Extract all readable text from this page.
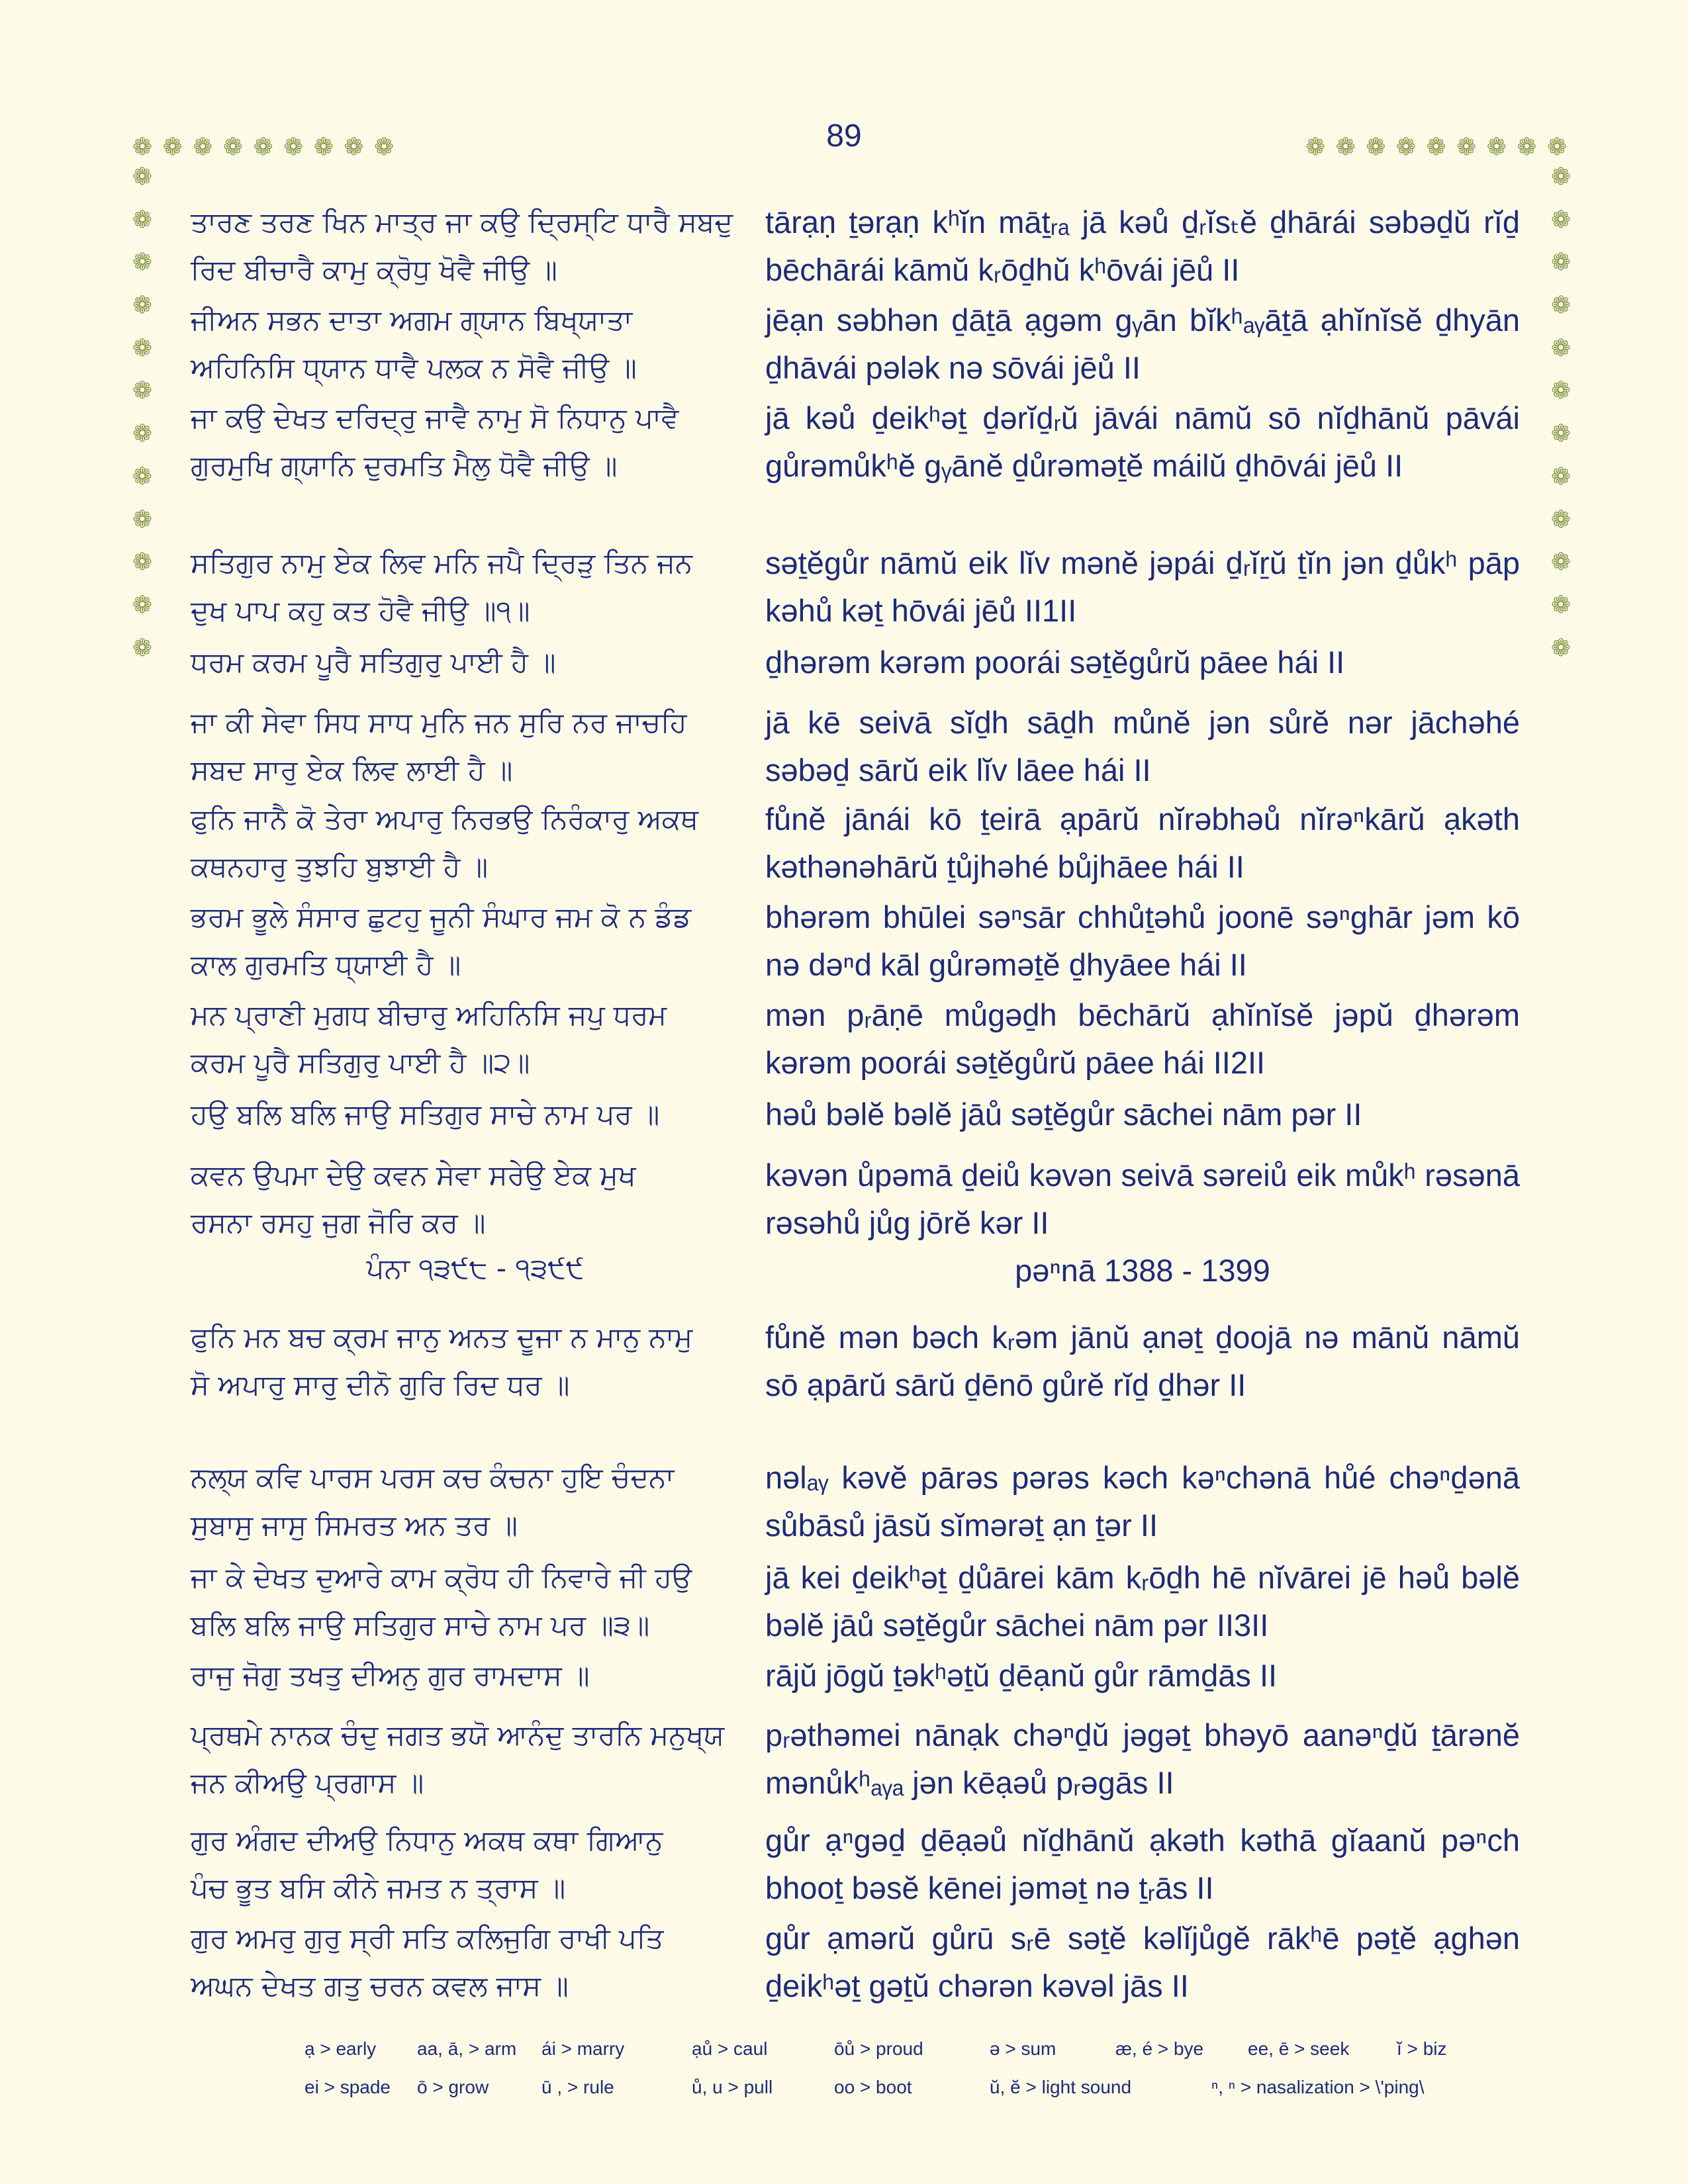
89
❁ ❁ ❁ ❁ ❁ ❁ ❁ ❁ ❁	❁ ❁ ❁ ❁ ❁ ❁ ❁ ❁ ❁
❁
❁
❁
❁
❁
❁
❁
❁
❁
❁
❁
❁
❁
❁
❁
❁
❁
❁
❁
❁
❁
❁
❁
❁
ਤਾਰਣ ਤਰਣ ਖਿਨ ਮਾਤ੍ਰ ਜਾ ਕਉ ਦ੍ਰਿਸ੍ਟਿ ਧਾਰੈ ਸਬਦੁ
ਰਿਦ ਬੀਚਾਰੈ ਕਾਮੁ ਕ੍ਰੋਧੁ ਖੋਵੈ ਜੀਉ ॥
tārạṇ ṯərạṇ kʰĭn māṯᵣₐ jā kəů ḏᵣĭsₜĕ ḏhārái səbəḏŭ rĭḏ bēchārái kāmŭ kᵣōḏhŭ kʰōvái jēů II
ਜੀਅਨ ਸਭਨ ਦਾਤਾ ਅਗਮ ਗ੍ਯਾਨ ਬਿਖ੍ਯਾਤਾ
ਅਹਿਨਿਸਿ ਧ੍ਯਾਨ ਧਾਵੈ ਪਲਕ ਨ ਸੋਵੈ ਜੀਉ ॥
jēạn səbhən ḏāṯā ạgəm gᵧān bĭkʰₐᵧāṯā ạhĭnĭsĕ ḏhyān ḏhāvái pələk nə sōvái jēů II
ਜਾ ਕਉ ਦੇਖਤ ਦਰਿਦ੍ਰੁ ਜਾਵੈ ਨਾਮੁ ਸੋ ਨਿਧਾਨੁ ਪਾਵੈ
ਗੁਰਮੁਖਿ ਗ੍ਯਾਨਿ ਦੁਰਮਤਿ ਮੈਲੁ ਧੋਵੈ ਜੀਉ ॥
jā kəů ḏeikʰəṯ ḏərĭḏᵣŭ jāvái nāmŭ sō nĭḏhānŭ pāvái gůrəmůkʰĕ gᵧānĕ ḏůrəməṯĕ máilŭ ḏhōvái jēů II
ਸਤਿਗੁਰ ਨਾਮੁ ਏਕ ਲਿਵ ਮਨਿ ਜਪੈ ਦ੍ਰਿੜੁ ਤਿਨ ਜਨ
ਦੁਖ ਪਾਪ ਕਹੁ ਕਤ ਹੋਵੈ ਜੀਉ ॥੧॥
səṯĕgůr nāmŭ eik lĭv mənĕ jəpái ḏᵣĭṟŭ ṯĭn jən ḏůkʰ pāp kəhů kəṯ hōvái jēů II1II
ਧਰਮ ਕਰਮ ਪੂਰੈ ਸਤਿਗੁਰੁ ਪਾਈ ਹੈ ॥	ḏhərəm kərəm poorái səṯĕgůrŭ pāee hái II
ਜਾ ਕੀ ਸੇਵਾ ਸਿਧ ਸਾਧ ਮੁਨਿ ਜਨ ਸੁਰਿ ਨਰ ਜਾਚਹਿ
ਸਬਦ ਸਾਰੁ ਏਕ ਲਿਵ ਲਾਈ ਹੈ ॥
jā kē seivā sĭḏh sāḏh můnĕ jən sůrĕ nər jāchəhé səbəḏ sārŭ eik lĭv lāee hái II
ਫੁਨਿ ਜਾਨੈ ਕੋ ਤੇਰਾ ਅਪਾਰੁ ਨਿਰਭਉ ਨਿਰੰਕਾਰੁ ਅਕਥ
ਕਥਨਹਾਰੁ ਤੁਝਹਿ ਬੁਝਾਈ ਹੈ ॥
fůnĕ jānái kō ṯeirā ạpārŭ nĭrəbhəů nĭrəⁿkārŭ ạkəth kəthənəhārŭ ṯůjhəhé bůjhāee hái II
ਭਰਮ ਭੂਲੇ ਸੰਸਾਰ ਛੁਟਹੁ ਜੂਨੀ ਸੰਘਾਰ ਜਮ ਕੋ ਨ ਡੰਡ
ਕਾਲ ਗੁਰਮਤਿ ਧ੍ਯਾਈ ਹੈ ॥
bhərəm bhūlei səⁿsār chhůṯəhů joonē səⁿghār jəm kō nə dəⁿd kāl gůrəməṯĕ ḏhyāee hái II
ਮਨ ਪ੍ਰਾਣੀ ਮੁਗਧ ਬੀਚਾਰੁ ਅਹਿਨਿਸਿ ਜਪੁ ਧਰਮ
ਕਰਮ ਪੂਰੈ ਸਤਿਗੁਰੁ ਪਾਈ ਹੈ ॥੨॥
mən pᵣāṇē můgəḏh bēchārŭ ạhĭnĭsĕ jəpŭ ḏhərəm kərəm poorái səṯĕgůrŭ pāee hái II2II
ਹਉ ਬਲਿ ਬਲਿ ਜਾਉ ਸਤਿਗੁਰ ਸਾਚੇ ਨਾਮ ਪਰ ॥	həů bəlĕ bəlĕ jāů səṯĕgůr sāchei nām pər II
ਕਵਨ ਉਪਮਾ ਦੇਉ ਕਵਨ ਸੇਵਾ ਸਰੇਉ ਏਕ ਮੁਖ
ਰਸਨਾ ਰਸਹੁ ਜੁਗ ਜੋਰਿ ਕਰ ॥
kəvən ůpəmā ḏeiů kəvən seivā səreiů eik můkʰ rəsənā rəsəhů jůg jōrĕ kər II
ਪੰਨਾ ੧੩੯੮ - ੧੩੯੯	pəⁿnā 1388 - 1399
ਫੁਨਿ ਮਨ ਬਚ ਕ੍ਰਮ ਜਾਨੁ ਅਨਤ ਦੂਜਾ ਨ ਮਾਨੁ ਨਾਮੁ
ਸੋ ਅਪਾਰੁ ਸਾਰੁ ਦੀਨੋ ਗੁਰਿ ਰਿਦ ਧਰ ॥
fůnĕ mən bəch kᵣəm jānŭ ạnəṯ ḏoojā nə mānŭ nāmŭ sō ạpārŭ sārŭ ḏēnō gůrĕ rĭḏ ḏhər II
ਨਲ੍ਯ ਕਵਿ ਪਾਰਸ ਪਰਸ ਕਚ ਕੰਚਨਾ ਹੁਇ ਚੰਦਨਾ
ਸੁਬਾਸੁ ਜਾਸੁ ਸਿਮਰਤ ਅਨ ਤਰ ॥
nəlₐᵧ kəvĕ pārəs pərəs kəch kəⁿchənā hůé chəⁿḏənā sůbāsů jāsŭ sĭmərəṯ ạn ṯər II
ਜਾ ਕੇ ਦੇਖਤ ਦੁਆਰੇ ਕਾਮ ਕ੍ਰੋਧ ਹੀ ਨਿਵਾਰੇ ਜੀ ਹਉ
ਬਲਿ ਬਲਿ ਜਾਉ ਸਤਿਗੁਰ ਸਾਚੇ ਨਾਮ ਪਰ ॥੩॥
jā kei ḏeikʰəṯ ḏůārei kām kᵣōḏh hē nĭvārei jē həů bəlĕ bəlĕ jāů səṯĕgůr sāchei nām pər II3II
ਰਾਜੁ ਜੋਗੁ ਤਖਤੁ ਦੀਅਨੁ ਗੁਰ ਰਾਮਦਾਸ ॥	rājŭ jōgŭ ṯəkʰəṯŭ ḏēạnŭ gůr rāmḏās II
ਪ੍ਰਥਮੇ ਨਾਨਕ ਚੰਦੁ ਜਗਤ ਭਯੋ ਆਨੰਦੁ ਤਾਰਨਿ ਮਨੁਖ੍ਯ
ਜਨ ਕੀਅਉ ਪ੍ਰਗਾਸ ॥
pᵣəthəmei nānạk chəⁿḏŭ jəgəṯ bhəyō aanəⁿḏŭ ṯārənĕ mənůkʰₐᵧₐ jən kēạəů pᵣəgās II
ਗੁਰ ਅੰਗਦ ਦੀਅਉ ਨਿਧਾਨੁ ਅਕਥ ਕਥਾ ਗਿਆਨੁ
ਪੰਚ ਭੂਤ ਬਸਿ ਕੀਨੇ ਜਮਤ ਨ ਤ੍ਰਾਸ ॥
gůr ạⁿgəḏ ḏēạəů nĭḏhānŭ ạkəth kəthā gĭaanŭ pəⁿch bhooṯ bəsĕ kēnei jəməṯ nə ṯᵣās II
ਗੁਰ ਅਮਰੁ ਗੁਰੁ ਸ੍ਰੀ ਸਤਿ ਕਲਿਜੁਗਿ ਰਾਖੀ ਪਤਿ
ਅਘਨ ਦੇਖਤ ਗਤੁ ਚਰਨ ਕਵਲ ਜਾਸ ॥
gůr ạmərŭ gůrū sᵣē səṯĕ kəlĭjůgĕ rākʰē pəṯĕ ạghən ḏeikʰəṯ gəṯŭ chərən kəvəl jās II
ạ > early aa, ā, > arm ái > marry	ạů > caul	ōů > proud	ə > sum	æ, é > bye ee, ē > seek	ĭ > biz
ei > spade ō > grow	ū , > rule	ů, u > pull	oo > boot	ŭ, ĕ > light sound	ⁿ, ⁿ > nasalization > \'ping\
